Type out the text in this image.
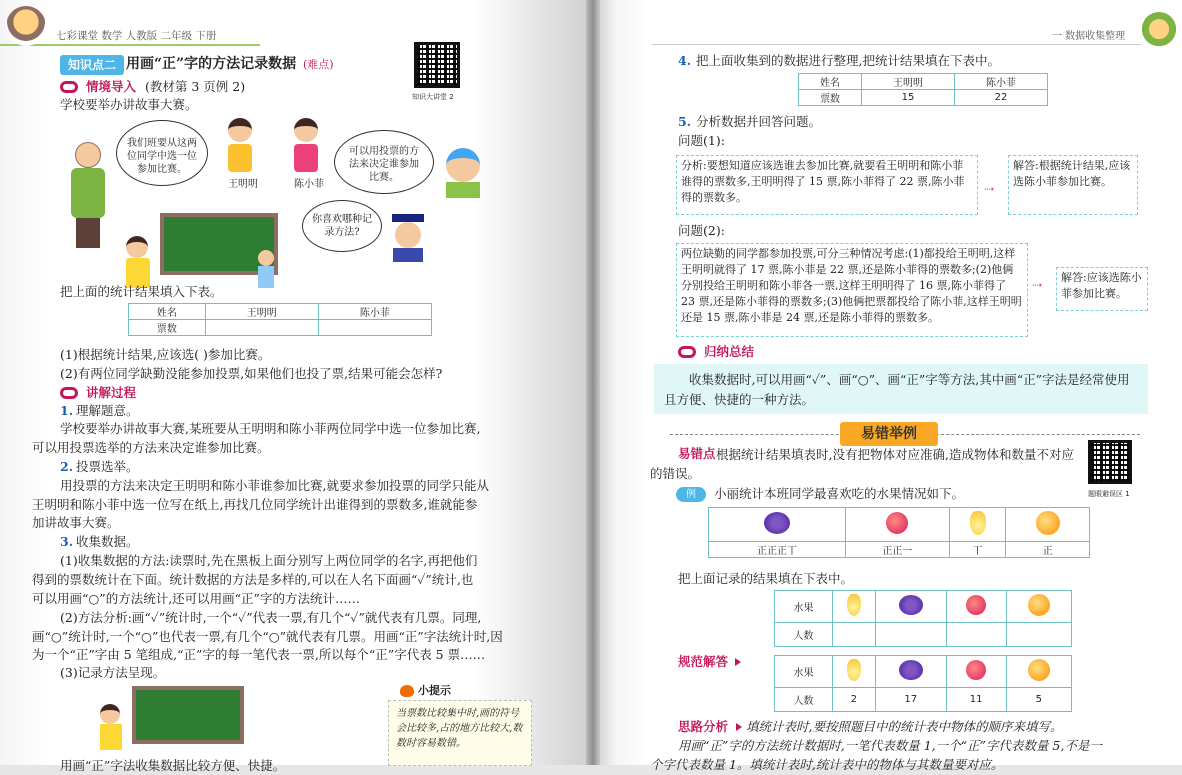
七彩课堂 数学 人教版 二年级 下册
知识点二 用画“正”字的方法记录数据 (难点)
知识大讲堂 2
情境导入 (教材第 3 页例 2)
学校要举办讲故事大赛。
我们班要从这两位同学中选一位参加比赛。
王明明	陈小菲
可以用投票的方法来决定谁参加比赛。
你喜欢哪种记录方法?
把上面的统计结果填入下表。
姓名	王明明	陈小菲
票数		
(1)根据统计结果,应该选( )参加比赛。
(2)有两位同学缺勤没能参加投票,如果他们也投了票,结果可能会怎样?
讲解过程
1. 理解题意。
学校要举办讲故事大赛,某班要从王明明和陈小菲两位同学中选一位参加比赛,
可以用投票选举的方法来决定谁参加比赛。
2. 投票选举。
用投票的方法来决定王明明和陈小菲谁参加比赛,就要求参加投票的同学只能从
王明明和陈小菲中选一位写在纸上,再找几位同学统计出谁得到的票数多,谁就能参
加讲故事大赛。
3. 收集数据。
(1)收集数据的方法:读票时,先在黑板上面分别写上两位同学的名字,再把他们
得到的票数统计在下面。统计数据的方法是多样的,可以在人名下面画“✓”统计,也
可以用画“○”的方法统计,还可以用画“正”字的方法统计……
(2)方法分析:画“✓”统计时,一个“✓”代表一票,有几个“✓”就代表有几票。同理,
画“○”统计时,一个“○”也代表一票,有几个“○”就代表有几票。用画“正”字法统计时,因
为一个“正”字由 5 笔组成,“正”字的每一笔代表一票,所以每个“正”字代表 5 票……
(3)记录方法呈现。
小提示
当票数比较集中时,画的符号会比较多,占的地方比较大,数数时容易数错。
用画“正”字法收集数据比较方便、快捷。
一 数据收集整理
4. 把上面收集到的数据进行整理,把统计结果填在下表中。
姓名	王明明	陈小菲
票数	15	22
5. 分析数据并回答问题。
问题(1):
分析:要想知道应该选谁去参加比赛,就要看王明明和陈小菲谁得的票数多,王明明得了 15 票,陈小菲得了 22 票,陈小菲得的票数多。
⇢
解答:根据统计结果,应该选陈小菲参加比赛。
问题(2):
两位缺勤的同学都参加投票,可分三种情况考虑:(1)都投给王明明,这样王明明就得了 17 票,陈小菲是 22 票,还是陈小菲得的票数多;(2)他俩分别投给王明明和陈小菲各一票,这样王明明得了 16 票,陈小菲得了 23 票,还是陈小菲得的票数多;(3)他俩把票都投给了陈小菲,这样王明明还是 15 票,陈小菲是 24 票,还是陈小菲得的票数多。
⇢
解答:应该选陈小菲参加比赛。
归纳总结
收集数据时,可以用画“✓”、画“○”、画“正”字等方法,其中画“正”字法是经常使用且方便、快捷的一种方法。
易错举例
易错点 根据统计结果填表时,没有把物体对应准确,造成物体和数量不对应的错误。
题眼避误区 1
例	小丽统计本班同学最喜欢吃的水果情况如下。

正正正丅	正正一	丅	正
把上面记录的结果填在下表中。
水果				
人数				
规范解答
水果				
人数	2	17	11	5
思路分析 填统计表时,要按照题目中的统计表中物体的顺序来填写。
用画“正”字的方法统计数据时,一笔代表数量 1,一个“正”字代表数量 5,不是一
个字代表数量 1。填统计表时,统计表中的物体与其数量要对应。
